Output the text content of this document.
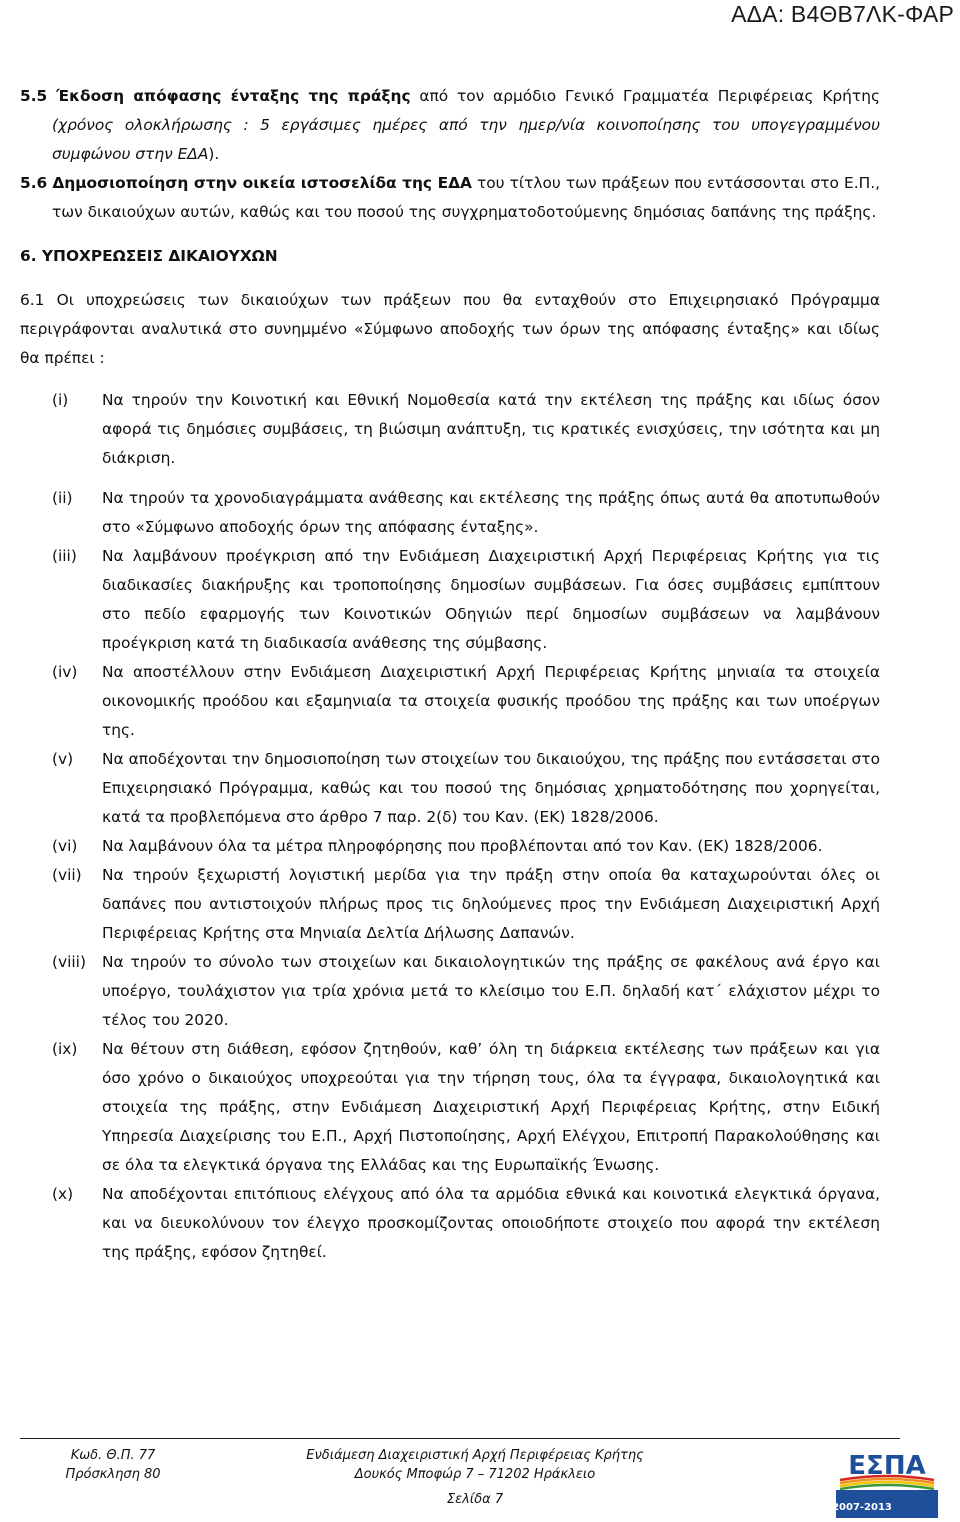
ΑΔΑ: Β4ΘΒ7ΛΚ-ΦΑΡ

5.5 Έκδοση απόφασης ένταξης της πράξης από τον αρμόδιο Γενικό Γραμματέα Περιφέρειας Κρήτης (χρόνος ολοκλήρωσης : 5 εργάσιμες ημέρες από την ημερ/νία κοινοποίησης του υπογεγραμμένου συμφώνου στην ΕΔΑ).

5.6 Δημοσιοποίηση στην οικεία ιστοσελίδα της ΕΔΑ του τίτλου των πράξεων που εντάσσονται στο Ε.Π., των δικαιούχων αυτών, καθώς και του ποσού της συγχρηματοδοτούμενης δημόσιας δαπάνης της πράξης.

6. ΥΠΟΧΡΕΩΣΕΙΣ ΔΙΚΑΙΟΥΧΩΝ

6.1 Οι υποχρεώσεις των δικαιούχων των πράξεων που θα ενταχθούν στο Επιχειρησιακό Πρόγραμμα περιγράφονται αναλυτικά στο συνημμένο «Σύμφωνο αποδοχής των όρων της απόφασης ένταξης» και ιδίως θα πρέπει :

(i)	Να τηρούν την Κοινοτική και Εθνική Νομοθεσία κατά την εκτέλεση της πράξης και ιδίως όσον αφορά τις δημόσιες συμβάσεις, τη βιώσιμη ανάπτυξη, τις κρατικές ενισχύσεις, την ισότητα και μη διάκριση.
(ii)	Να τηρούν τα χρονοδιαγράμματα ανάθεσης και εκτέλεσης της πράξης όπως αυτά θα αποτυπωθούν στο «Σύμφωνο αποδοχής όρων της απόφασης ένταξης».
(iii)	Να λαμβάνουν προέγκριση από την Ενδιάμεση Διαχειριστική Αρχή Περιφέρειας Κρήτης για τις διαδικασίες διακήρυξης και τροποποίησης δημοσίων συμβάσεων. Για όσες συμβάσεις εμπίπτουν στο πεδίο εφαρμογής των Κοινοτικών Οδηγιών περί δημοσίων συμβάσεων να λαμβάνουν προέγκριση κατά τη διαδικασία ανάθεσης της σύμβασης.
(iv)	Να αποστέλλουν στην Ενδιάμεση Διαχειριστική Αρχή Περιφέρειας Κρήτης μηνιαία τα στοιχεία οικονομικής προόδου και εξαμηνιαία τα στοιχεία φυσικής προόδου της πράξης και των υποέργων της.
(v)	Να αποδέχονται την δημοσιοποίηση των στοιχείων του δικαιούχου, της πράξης που εντάσσεται στο Επιχειρησιακό Πρόγραμμα, καθώς και του ποσού της δημόσιας χρηματοδότησης που χορηγείται, κατά τα προβλεπόμενα στο άρθρο 7 παρ. 2(δ) του Καν. (ΕΚ) 1828/2006.
(vi)	Να λαμβάνουν όλα τα μέτρα πληροφόρησης που προβλέπονται από τον Καν. (ΕΚ) 1828/2006.
(vii)	Να τηρούν ξεχωριστή λογιστική μερίδα για την πράξη στην οποία θα καταχωρούνται όλες οι δαπάνες που αντιστοιχούν πλήρως προς τις δηλούμενες προς την Ενδιάμεση Διαχειριστική Αρχή Περιφέρειας Κρήτης στα Μηνιαία Δελτία Δήλωσης Δαπανών.
(viii)	Να τηρούν το σύνολο των στοιχείων και δικαιολογητικών της πράξης σε φακέλους ανά έργο και υποέργο, τουλάχιστον για τρία χρόνια μετά το κλείσιμο του Ε.Π. δηλαδή κατ΄ ελάχιστον μέχρι το τέλος του 2020.
(ix)	Να θέτουν στη διάθεση, εφόσον ζητηθούν, καθ’ όλη τη διάρκεια εκτέλεσης των πράξεων και για όσο χρόνο ο δικαιούχος υποχρεούται για την τήρηση τους, όλα τα έγγραφα, δικαιολογητικά και στοιχεία της πράξης, στην Ενδιάμεση Διαχειριστική Αρχή Περιφέρειας Κρήτης, στην Ειδική Υπηρεσία Διαχείρισης του Ε.Π., Αρχή Πιστοποίησης, Αρχή Ελέγχου, Επιτροπή Παρακολούθησης και σε όλα τα ελεγκτικά όργανα της Ελλάδας και της Ευρωπαϊκής Ένωσης.
(x)	Να αποδέχονται επιτόπιους ελέγχους από όλα τα αρμόδια εθνικά και κοινοτικά ελεγκτικά όργανα, και να διευκολύνουν τον έλεγχο προσκομίζοντας οποιοδήποτε στοιχείο που αφορά την εκτέλεση της πράξης, εφόσον ζητηθεί.
Κωδ. Θ.Π. 77
Πρόσκληση 80
Ενδιάμεση Διαχειριστική Αρχή Περιφέρειας Κρήτης
Δουκός Μποφώρ 7 – 71202 Ηράκλειο
Σελίδα 7
ΕΣΠΑ
2007-2013
